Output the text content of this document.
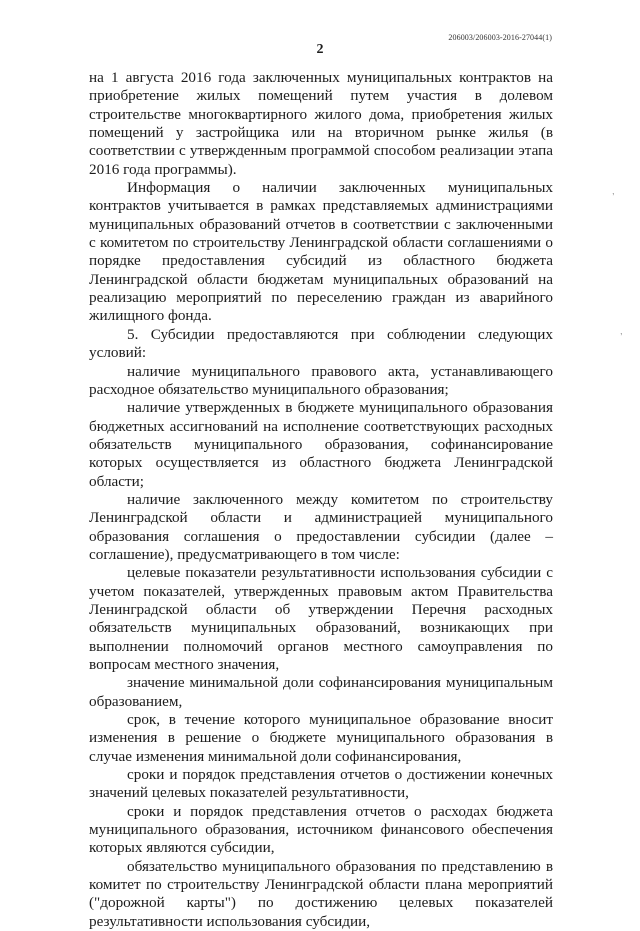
206003/206003-2016-27044(1)
2

на 1 августа 2016 года заключенных муниципальных контрактов на приобретение жилых помещений путем участия в долевом строительстве многоквартирного жилого дома, приобретения жилых помещений у застройщика или на вторичном рынке жилья (в соответствии с утвержденным программой способом реализации этапа 2016 года программы).

Информация о наличии заключенных муниципальных контрактов учитывается в рамках представляемых администрациями муниципальных образований отчетов в соответствии с заключенными с комитетом по строительству Ленинградской области соглашениями о порядке предоставления субсидий из областного бюджета Ленинградской области бюджетам муниципальных образований на реализацию мероприятий по переселению граждан из аварийного жилищного фонда.

5. Субсидии предоставляются при соблюдении следующих условий:

наличие муниципального правового акта, устанавливающего расходное обязательство муниципального образования;

наличие утвержденных в бюджете муниципального образования бюджетных ассигнований на исполнение соответствующих расходных обязательств муниципального образования, софинансирование которых осуществляется из областного бюджета Ленинградской области;

наличие заключенного между комитетом по строительству Ленинградской области и администрацией муниципального образования соглашения о предоставлении субсидии (далее – соглашение), предусматривающего в том числе:

целевые показатели результативности использования субсидии с учетом показателей, утвержденных правовым актом Правительства Ленинградской области об утверждении Перечня расходных обязательств муниципальных образований, возникающих при выполнении полномочий органов местного самоуправления по вопросам местного значения,

значение минимальной доли софинансирования муниципальным образованием,

срок, в течение которого муниципальное образование вносит изменения в решение о бюджете муниципального образования в случае изменения минимальной доли софинансирования,

сроки и порядок представления отчетов о достижении конечных значений целевых показателей результативности,

сроки и порядок представления отчетов о расходах бюджета муниципального образования, источником финансового обеспечения которых являются субсидии,

обязательство муниципального образования по представлению в комитет по строительству Ленинградской области плана мероприятий ("дорожной карты") по достижению целевых показателей результативности использования субсидии,

,
,
